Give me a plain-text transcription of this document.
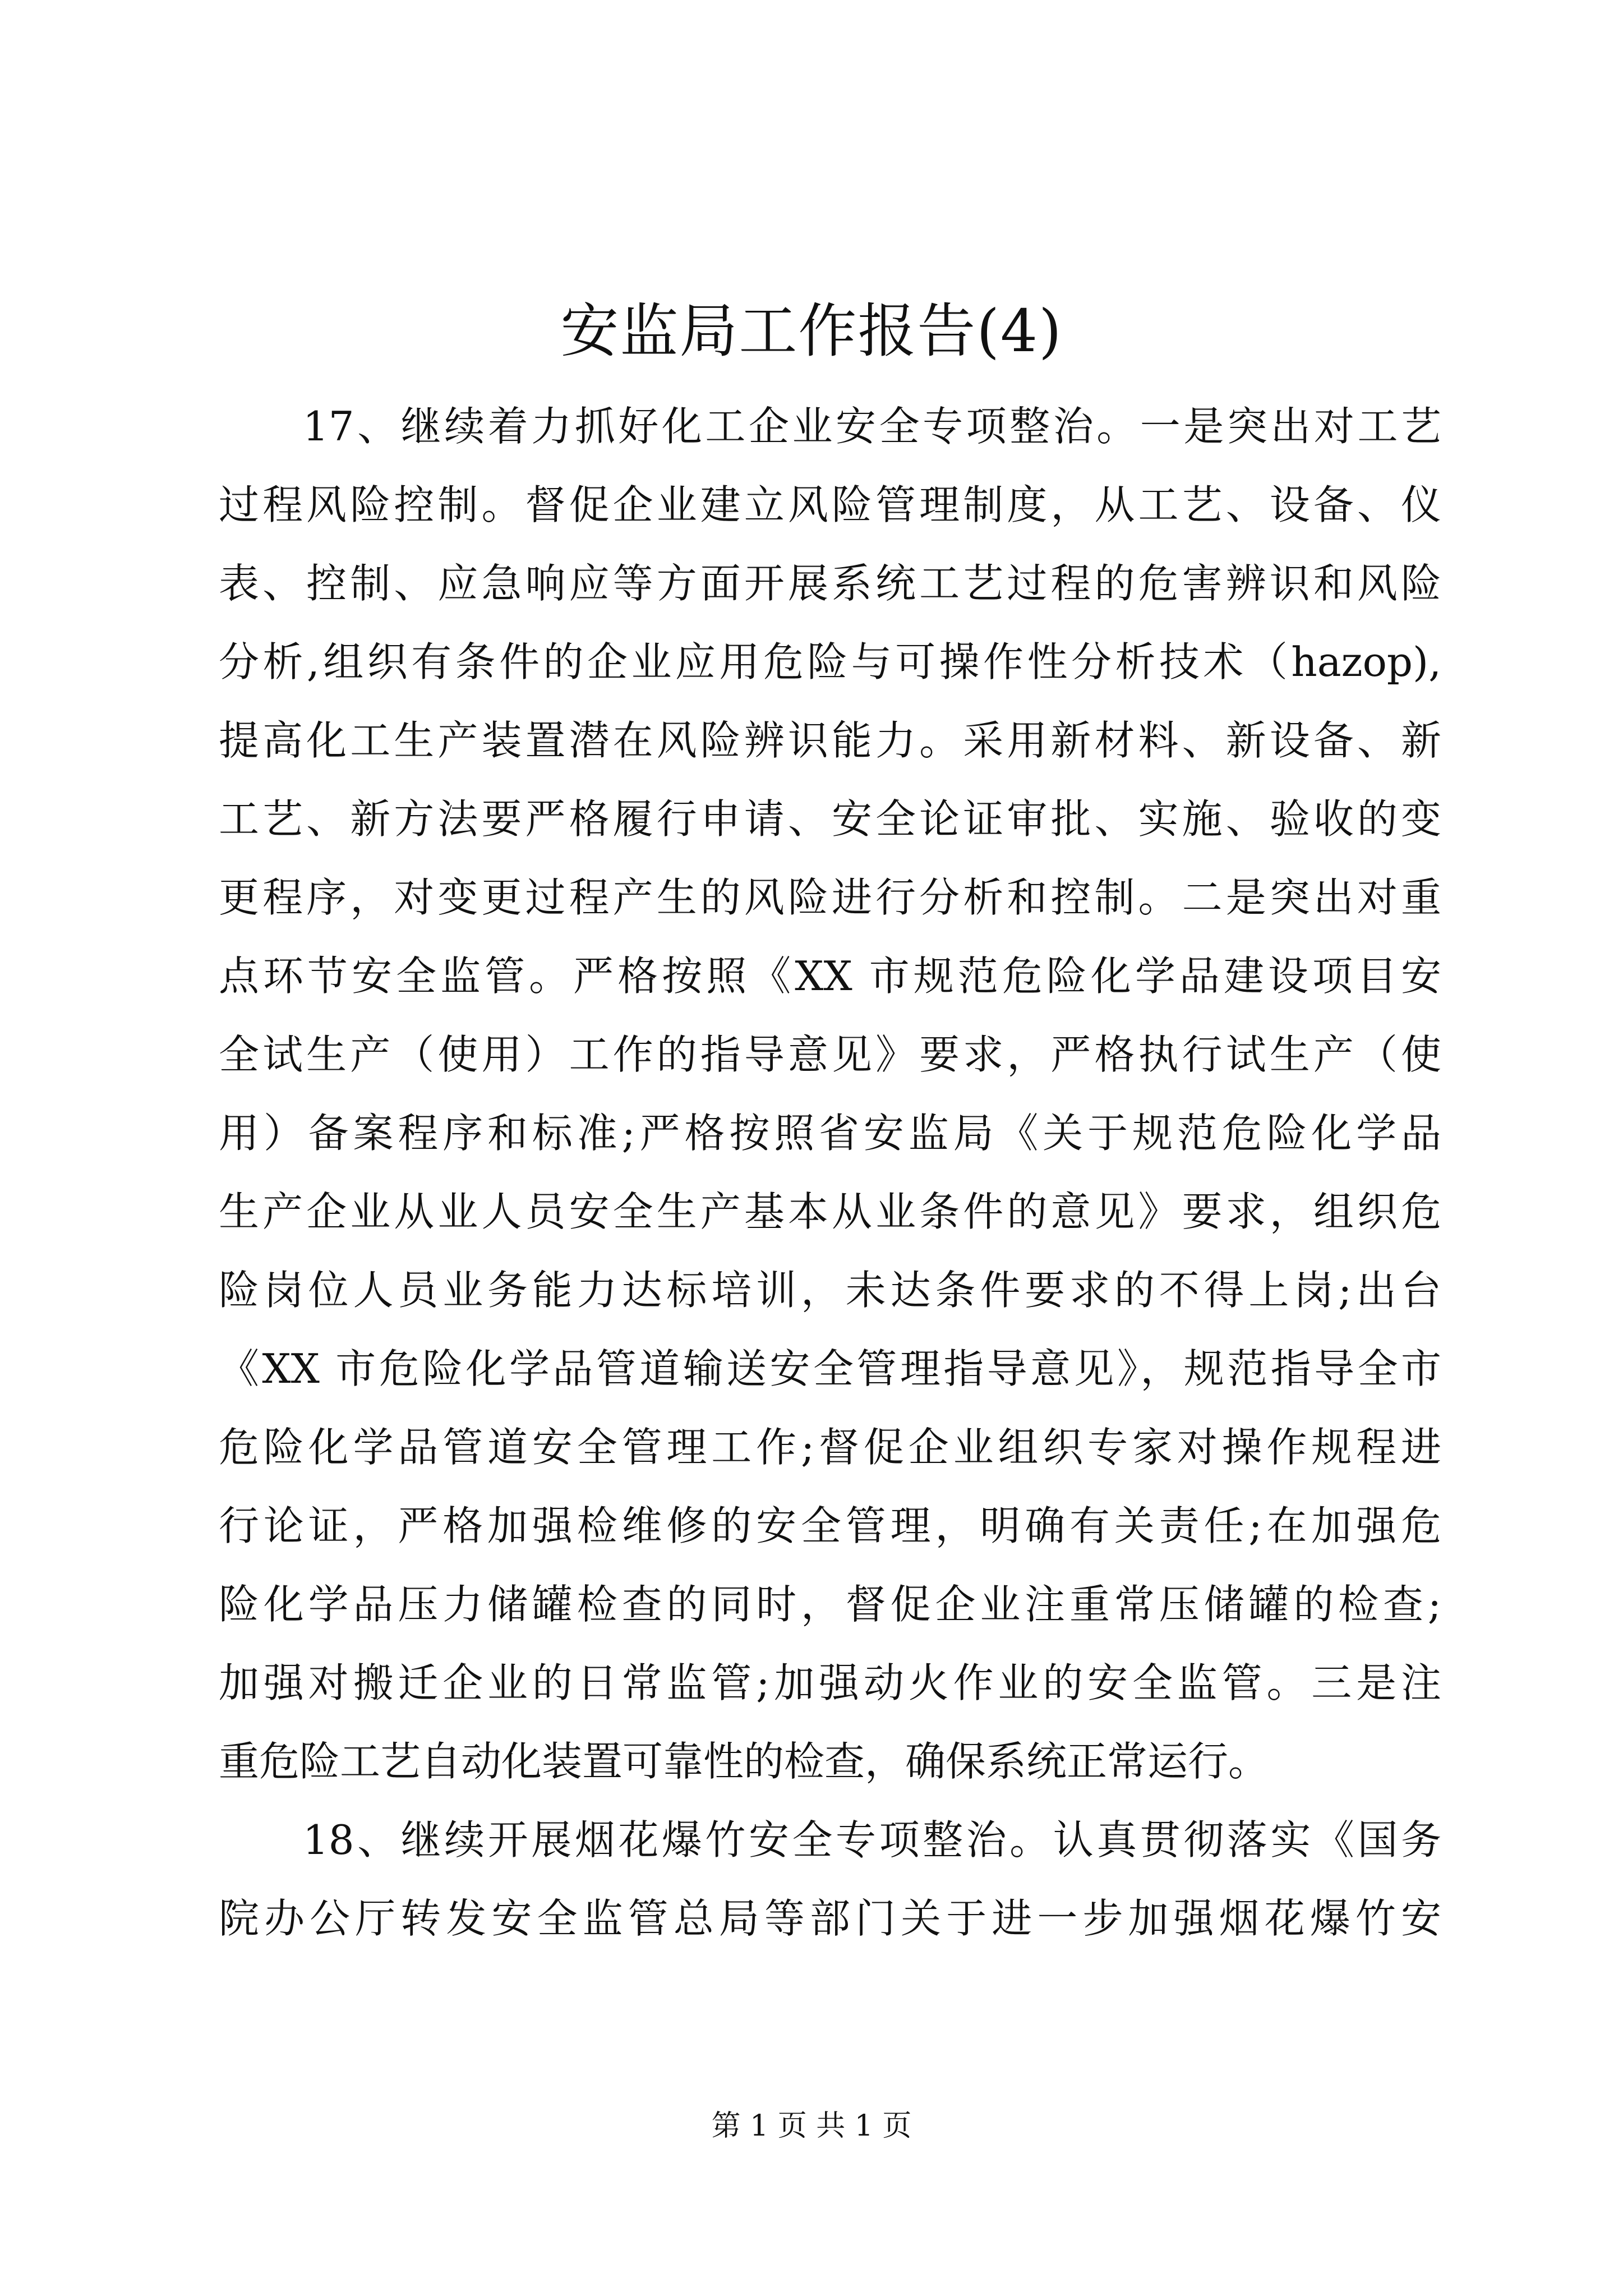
安监局工作报告(4)

17、继续着力抓好化工企业安全专项整治。一是突出对工艺

过程风险控制。督促企业建立风险管理制度，从工艺、设备、仪

表、控制、应急响应等方面开展系统工艺过程的危害辨识和风险

分析,组织有条件的企业应用危险与可操作性分析技术（hazop),

提高化工生产装置潜在风险辨识能力。采用新材料、新设备、新

工艺、新方法要严格履行申请、安全论证审批、实施、验收的变

更程序，对变更过程产生的风险进行分析和控制。二是突出对重

点环节安全监管。严格按照《XX 市规范危险化学品建设项目安

全试生产（使用）工作的指导意见》要求，严格执行试生产（使

用）备案程序和标准;严格按照省安监局《关于规范危险化学品

生产企业从业人员安全生产基本从业条件的意见》要求，组织危

险岗位人员业务能力达标培训，未达条件要求的不得上岗;出台

《XX 市危险化学品管道输送安全管理指导意见》，规范指导全市

危险化学品管道安全管理工作;督促企业组织专家对操作规程进

行论证，严格加强检维修的安全管理，明确有关责任;在加强危

险化学品压力储罐检查的同时，督促企业注重常压储罐的检查;

加强对搬迁企业的日常监管;加强动火作业的安全监管。三是注

重危险工艺自动化装置可靠性的检查，确保系统正常运行。

18、继续开展烟花爆竹安全专项整治。认真贯彻落实《国务

院办公厅转发安全监管总局等部门关于进一步加强烟花爆竹安

第 1 页 共 1 页
